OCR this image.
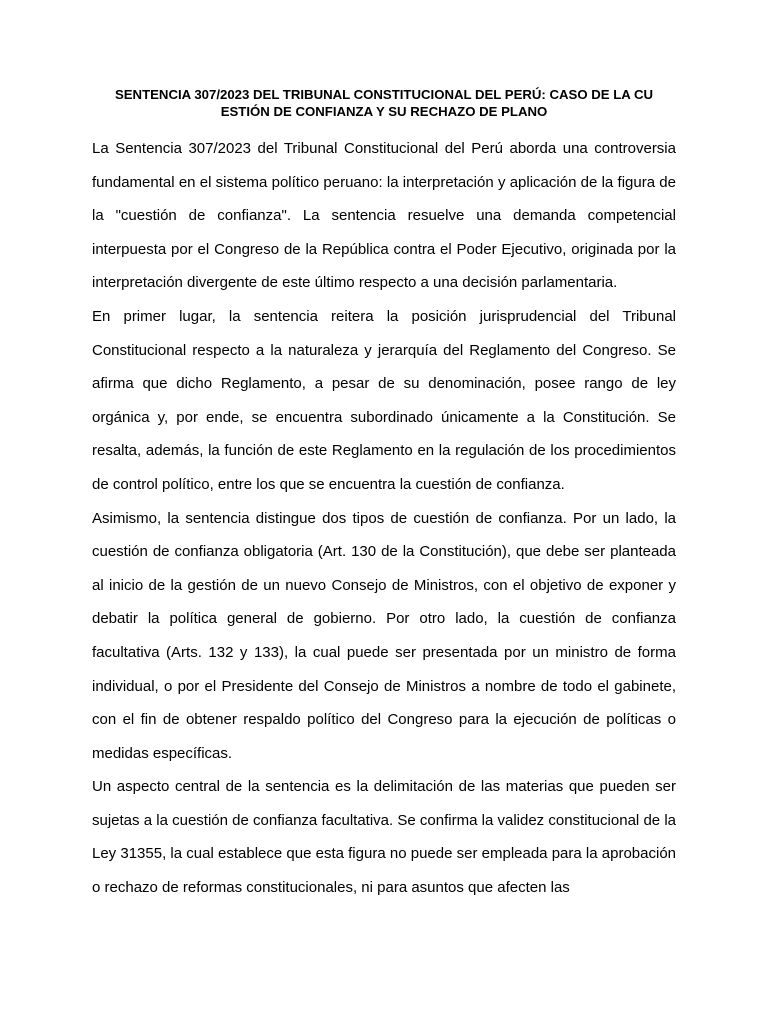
SENTENCIA 307/2023 DEL TRIBUNAL CONSTITUCIONAL DEL PERÚ: CASO DE LA CU
ESTIÓN DE CONFIANZA Y SU RECHAZO DE PLANO

La Sentencia 307/2023 del Tribunal Constitucional del Perú aborda una controversia fundamental en el sistema político peruano: la interpretación y aplicación de la figura de la "cuestión de confianza". La sentencia resuelve una demanda competencial interpuesta por el Congreso de la República contra el Poder Ejecutivo, originada por la interpretación divergente de este último respecto a una decisión parlamentaria.

En primer lugar, la sentencia reitera la posición jurisprudencial del Tribunal Constitucional respecto a la naturaleza y jerarquía del Reglamento del Congreso. Se afirma que dicho Reglamento, a pesar de su denominación, posee rango de ley orgánica y, por ende, se encuentra subordinado únicamente a la Constitución. Se resalta, además, la función de este Reglamento en la regulación de los procedimientos de control político, entre los que se encuentra la cuestión de confianza.

Asimismo, la sentencia distingue dos tipos de cuestión de confianza. Por un lado, la cuestión de confianza obligatoria (Art. 130 de la Constitución), que debe ser planteada al inicio de la gestión de un nuevo Consejo de Ministros, con el objetivo de exponer y debatir la política general de gobierno. Por otro lado, la cuestión de confianza facultativa (Arts. 132 y 133), la cual puede ser presentada por un ministro de forma individual, o por el Presidente del Consejo de Ministros a nombre de todo el gabinete, con el fin de obtener respaldo político del Congreso para la ejecución de políticas o medidas específicas.

Un aspecto central de la sentencia es la delimitación de las materias que pueden ser sujetas a la cuestión de confianza facultativa. Se confirma la validez constitucional de la Ley 31355, la cual establece que esta figura no puede ser empleada para la aprobación o rechazo de reformas constitucionales, ni para asuntos que afecten las
